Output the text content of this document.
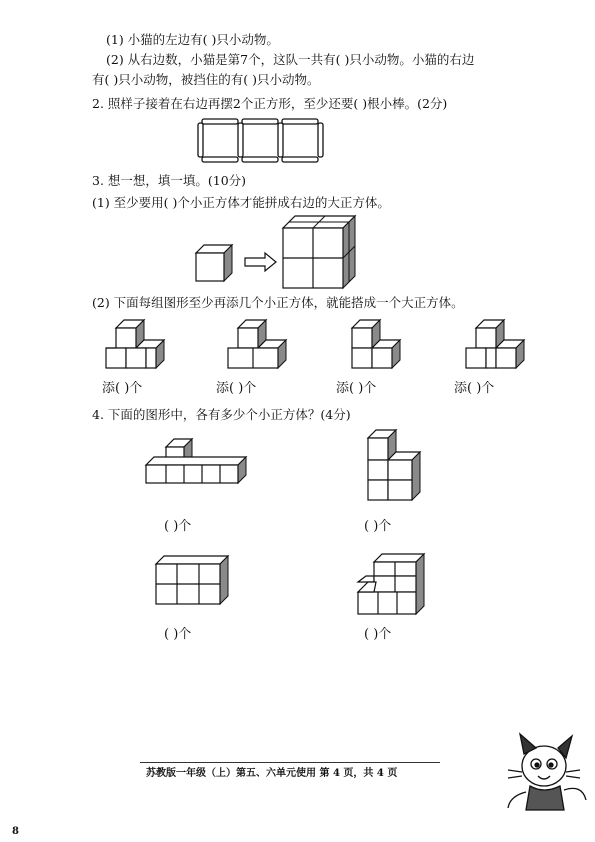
(1) 小猫的左边有( )只小动物。
(2) 从右边数，小猫是第7个，这队一共有( )只小动物。小猫的右边
有( )只小动物，被挡住的有( )只小动物。
2. 照样子接着在右边再摆2个正方形，至少还要( )根小棒。(2分)
3. 想一想，填一填。(10分)
(1) 至少要用( )个小正方体才能拼成右边的大正方体。
(2) 下面每组图形至少再添几个小正方体，就能搭成一个大正方体。
添( )个	添( )个	添( )个	添( )个
4. 下面的图形中，各有多少个小正方体？(4分)
( )个	( )个
( )个	( )个
苏教版一年级（上）第五、六单元使用 第 4 页，共 4 页
8
